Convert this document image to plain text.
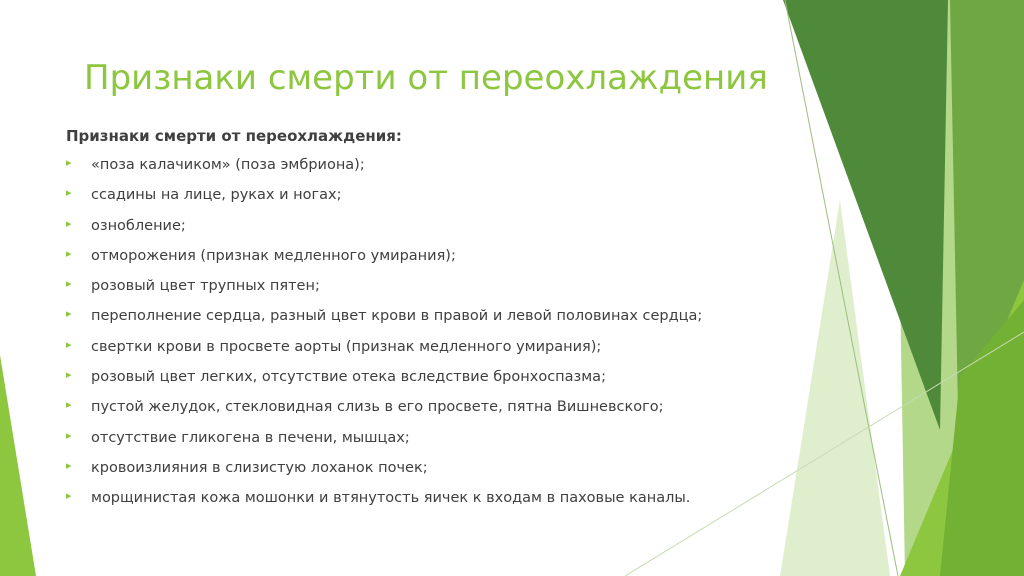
Признаки смерти от переохлаждения
Признаки смерти от переохлаждения:
▸ «поза калачиком» (поза эмбриона);
▸ ссадины на лице, руках и ногах;
▸ ознобление;
▸ отморожения (признак медленного умирания);
▸ розовый цвет трупных пятен;
▸ переполнение сердца, разный цвет крови в правой и левой половинах сердца;
▸ свертки крови в просвете аорты (признак медленного умирания);
▸ розовый цвет легких, отсутствие отека вследствие бронхоспазма;
▸ пустой желудок, стекловидная слизь в его просвете, пятна Вишневского;
▸ отсутствие гликогена в печени, мышцах;
▸ кровоизлияния в слизистую лоханок почек;
▸ морщинистая кожа мошонки и втянутость яичек к входам в паховые каналы.
